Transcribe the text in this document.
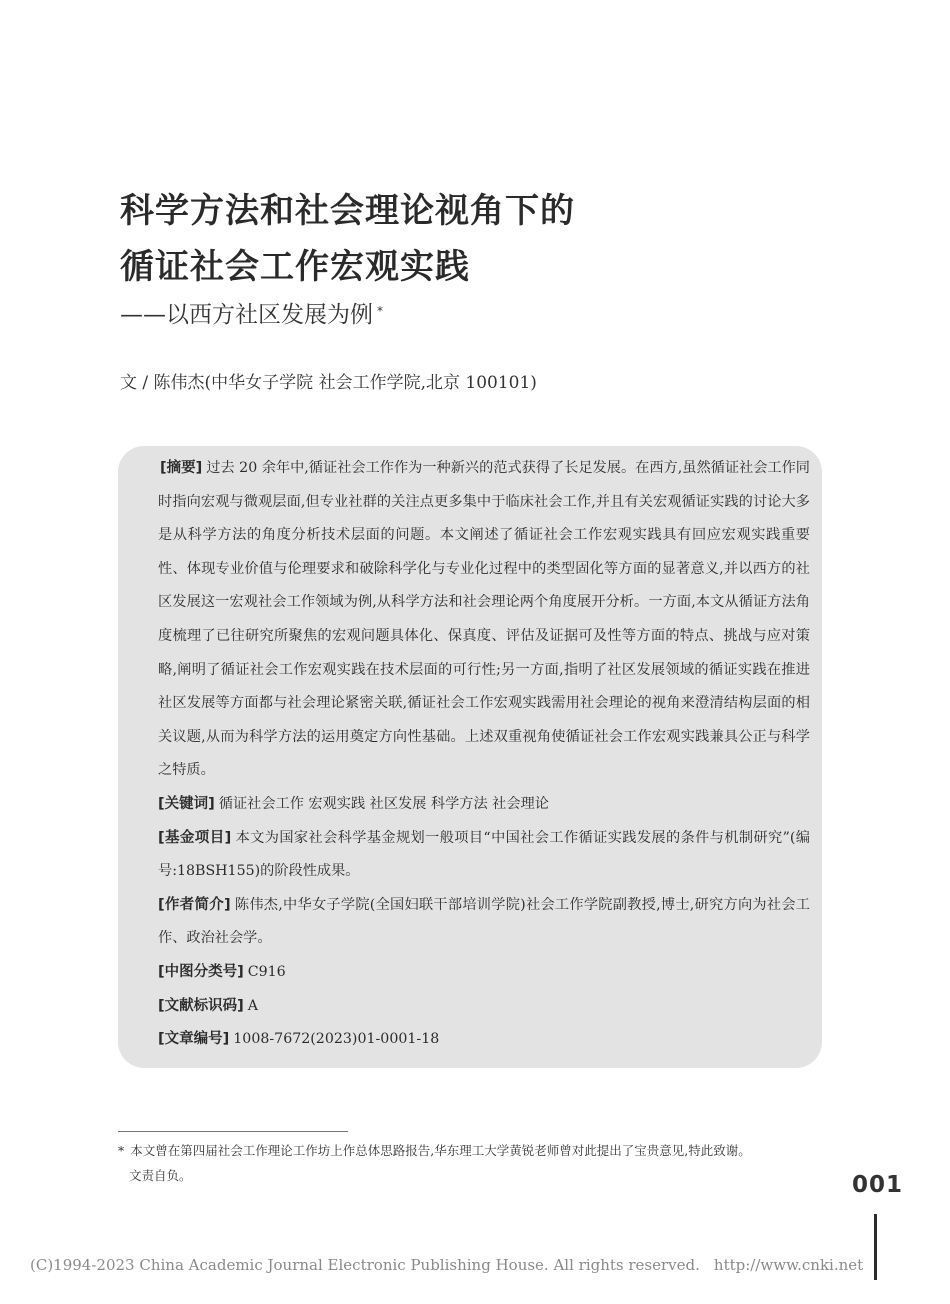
科学方法和社会理论视角下的
循证社会工作宏观实践
——以西方社区发展为例 *
文 / 陈伟杰(中华女子学院 社会工作学院,北京 100101)

[摘要] 过去 20 余年中,循证社会工作作为一种新兴的范式获得了长足发展。在西方,虽然循证社会工作同时指向宏观与微观层面,但专业社群的关注点更多集中于临床社会工作,并且有关宏观循证实践的讨论大多是从科学方法的角度分析技术层面的问题。本文阐述了循证社会工作宏观实践具有回应宏观实践重要性、体现专业价值与伦理要求和破除科学化与专业化过程中的类型固化等方面的显著意义,并以西方的社区发展这一宏观社会工作领域为例,从科学方法和社会理论两个角度展开分析。一方面,本文从循证方法角度梳理了已往研究所聚焦的宏观问题具体化、保真度、评估及证据可及性等方面的特点、挑战与应对策略,阐明了循证社会工作宏观实践在技术层面的可行性;另一方面,指明了社区发展领域的循证实践在推进社区发展等方面都与社会理论紧密关联,循证社会工作宏观实践需用社会理论的视角来澄清结构层面的相关议题,从而为科学方法的运用奠定方向性基础。上述双重视角使循证社会工作宏观实践兼具公正与科学之特质。

[关键词] 循证社会工作 宏观实践 社区发展 科学方法 社会理论

[基金项目] 本文为国家社会科学基金规划一般项目“中国社会工作循证实践发展的条件与机制研究”(编号:18BSH155)的阶段性成果。

[作者简介] 陈伟杰,中华女子学院(全国妇联干部培训学院)社会工作学院副教授,博士,研究方向为社会工作、政治社会学。

[中图分类号] C916

[文献标识码] A

[文章编号] 1008-7672(2023)01-0001-18

* 本文曾在第四届社会工作理论工作坊上作总体思路报告,华东理工大学黄锐老师曾对此提出了宝贵意见,特此致谢。
文责自负。	001
(C)1994-2023 China Academic Journal Electronic Publishing House. All rights reserved. http://www.cnki.net
